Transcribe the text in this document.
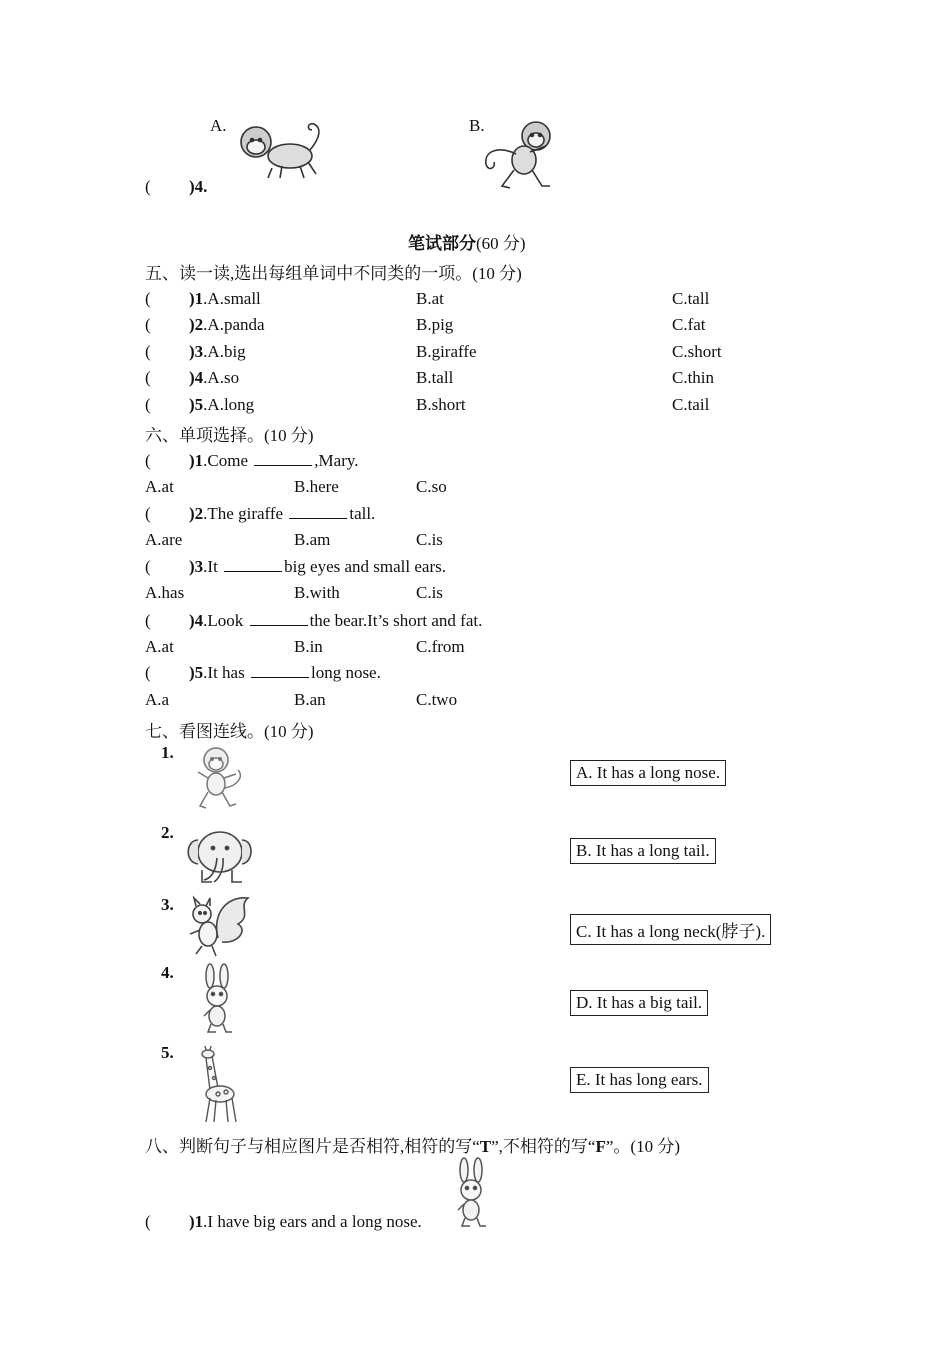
A.	B.
( )4.
笔试部分(60 分)
五、读一读,选出每组单词中不同类的一项。(10 分)
( )1.A.small	B.at	C.tall
( )2.A.panda	B.pig	C.fat
( )3.A.big	B.giraffe	C.short
( )4.A.so	B.tall	C.thin
( )5.A.long	B.short	C.tail
六、单项选择。(10 分)
( )1.Come	,Mary.
A.at	B.here	C.so
( )2.The giraffe	tall.
A.are	B.am	C.is
( )3.It	big eyes and small ears.
A.has	B.with	C.is
( )4.Look	the bear.It’s short and fat.
A.at	B.in	C.from
( )5.It has	long nose.
A.a	B.an	C.two
七、看图连线。(10 分)
1.
2.
3.
4.
5.
A. It has a long nose.
B. It has a long tail.
C. It has a long neck(脖子).
D. It has a big tail.
E. It has long ears.
八、判断句子与相应图片是否相符,相符的写“T”,不相符的写“F”。(10 分)
( )1.I have big ears and a long nose.
